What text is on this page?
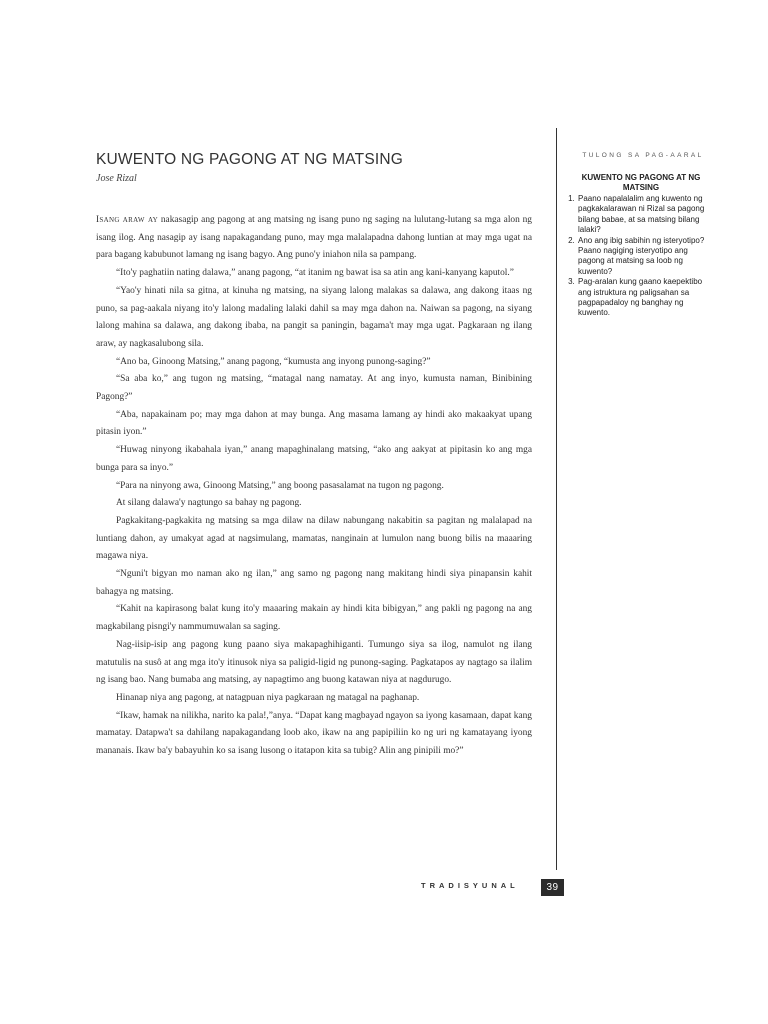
KUWENTO NG PAGONG AT NG MATSING
Jose Rizal

Isang araw ay nakasagip ang pagong at ang matsing ng isang puno ng saging na lulutang-lutang sa mga alon ng isang ilog. Ang nasagip ay isang napakagandang puno, may mga malalapadna dahong luntian at may mga ugat na para bagang kabubunot lamang ng isang bagyo. Ang puno'y iniahon nila sa pampang.

“Ito'y paghatiin nating dalawa,” anang pagong, “at itanim ng bawat isa sa atin ang kani-kanyang kaputol.”

“Yao'y hinati nila sa gitna, at kinuha ng matsing, na siyang lalong malakas sa dalawa, ang dakong itaas ng puno, sa pag-aakala niyang ito'y lalong madaling lalaki dahil sa may mga dahon na. Naiwan sa pagong, na siyang lalong mahina sa dalawa, ang dakong ibaba, na pangit sa paningin, bagama't may mga ugat. Pagkaraan ng ilang araw, ay nagkasalubong sila.

“Ano ba, Ginoong Matsing,” anang pagong, “kumusta ang inyong punong-saging?”

“Sa aba ko,” ang tugon ng matsing, “matagal nang namatay. At ang inyo, kumusta naman, Binibining Pagong?”

“Aba, napakainam po; may mga dahon at may bunga. Ang masama lamang ay hindi ako makaakyat upang pitasin iyon.”

“Huwag ninyong ikabahala iyan,” anang mapaghinalang matsing, “ako ang aakyat at pipitasin ko ang mga bunga para sa inyo.”

“Para na ninyong awa, Ginoong Matsing,” ang boong pasasalamat na tugon ng pagong.

At silang dalawa'y nagtungo sa bahay ng pagong.

Pagkakitang-pagkakita ng matsing sa mga dilaw na dilaw nabungang nakabitin sa pagitan ng malalapad na luntiang dahon, ay umakyat agad at nagsimulang, mamatas, nanginain at lumulon nang buong bilis na maaaring magawa niya.

“Nguni't bigyan mo naman ako ng ilan,” ang samo ng pagong nang makitang hindi siya pinapansin kahit bahagya ng matsing.

“Kahit na kapirasong balat kung ito'y maaaring makain ay hindi kita bibigyan,” ang pakli ng pagong na ang magkabilang pisngi'y nammumuwalan sa saging.

Nag-iisip-isip ang pagong kung paano siya makapaghihiganti. Tumungo siya sa ilog, namulot ng ilang matutulis na susô at ang mga ito'y itinusok niya sa paligid-ligid ng punong-saging. Pagkatapos ay nagtago sa ilalim ng isang bao. Nang bumaba ang matsing, ay napagtimo ang buong katawan niya at nagdurugo.

Hinanap niya ang pagong, at natagpuan niya pagkaraan ng matagal na paghanap.

“Ikaw, hamak na nilikha, narito ka pala!,”anya. “Dapat kang magbayad ngayon sa iyong kasamaan, dapat kang mamatay. Datapwa't sa dahilang napakagandang loob ako, ikaw na ang papipiliin ko ng uri ng kamatayang iyong mananais. Ikaw ba'y babayuhin ko sa isang lusong o itatapon kita sa tubig? Alin ang pinipili mo?”

TULONG SA PAG-AARAL
KUWENTO NG PAGONG AT NG MATSING
1. Paano napalalalim ang kuwento ng pagkakalarawan ni Rizal sa pagong bilang babae, at sa matsing bilang lalaki?
2. Ano ang ibig sabihin ng isteryotipo? Paano nagiging isteryotipo ang pagong at matsing sa loob ng kuwento?
3. Pag-aralan kung gaano kaepektibo ang istruktura ng paligsahan sa pagpapadaloy ng banghay ng kuwento.
TRADISYUNAL	39
